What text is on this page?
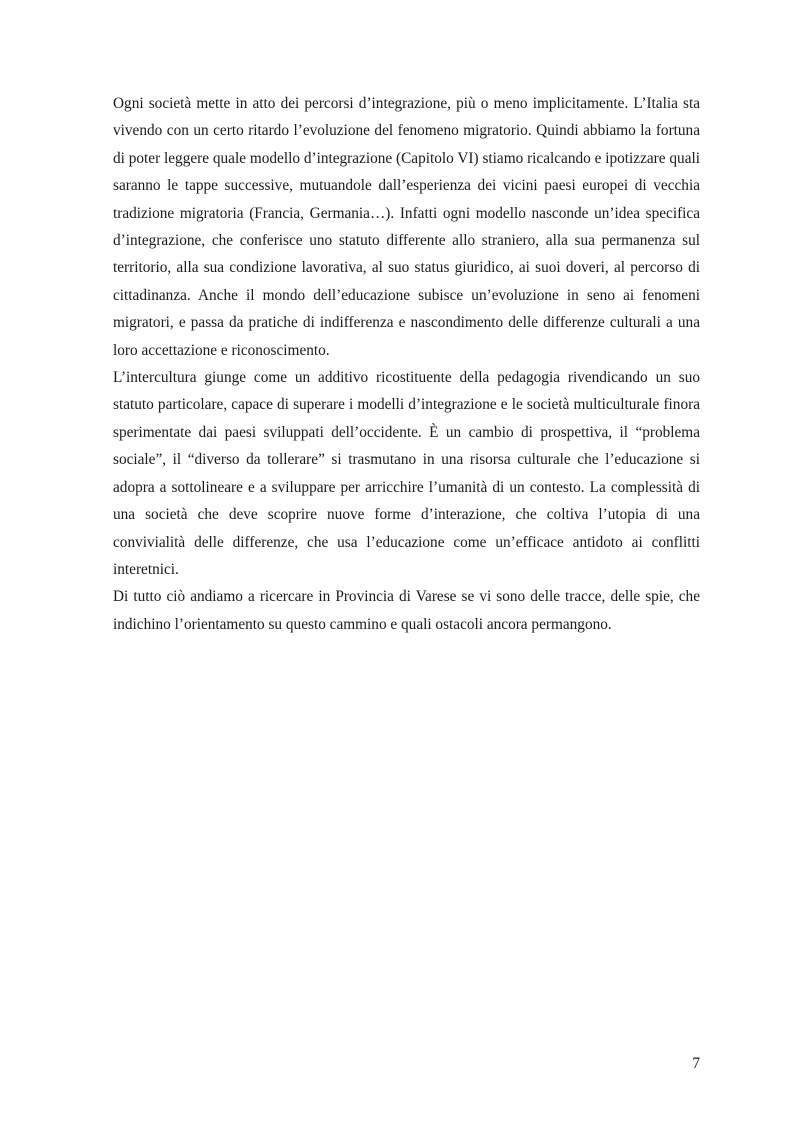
Ogni società mette in atto dei percorsi d’integrazione, più o meno implicitamente. L’Italia sta vivendo con un certo ritardo l’evoluzione del fenomeno migratorio. Quindi abbiamo la fortuna di poter leggere quale modello d’integrazione (Capitolo VI) stiamo ricalcando e ipotizzare quali saranno le tappe successive, mutuandole dall’esperienza dei vicini paesi europei di vecchia tradizione migratoria (Francia, Germania…). Infatti ogni modello nasconde un’idea specifica d’integrazione, che conferisce uno statuto differente allo straniero, alla sua permanenza sul territorio, alla sua condizione lavorativa, al suo status giuridico, ai suoi doveri, al percorso di cittadinanza. Anche il mondo dell’educazione subisce un’evoluzione in seno ai fenomeni migratori, e passa da pratiche di indifferenza e nascondimento delle differenze culturali a una loro accettazione e riconoscimento.

L’intercultura giunge come un additivo ricostituente della pedagogia rivendicando un suo statuto particolare, capace di superare i modelli d’integrazione e le società multiculturale finora sperimentate dai paesi sviluppati dell’occidente. È un cambio di prospettiva, il “problema sociale”, il “diverso da tollerare” si trasmutano in una risorsa culturale che l’educazione si adopra a sottolineare e a sviluppare per arricchire l’umanità di un contesto. La complessità di una società che deve scoprire nuove forme d’interazione, che coltiva l’utopia di una convivialità delle differenze, che usa l’educazione come un’efficace antidoto ai conflitti interetnici.

Di tutto ciò andiamo a ricercare in Provincia di Varese se vi sono delle tracce, delle spie, che indichino l’orientamento su questo cammino e quali ostacoli ancora permangono.

7
